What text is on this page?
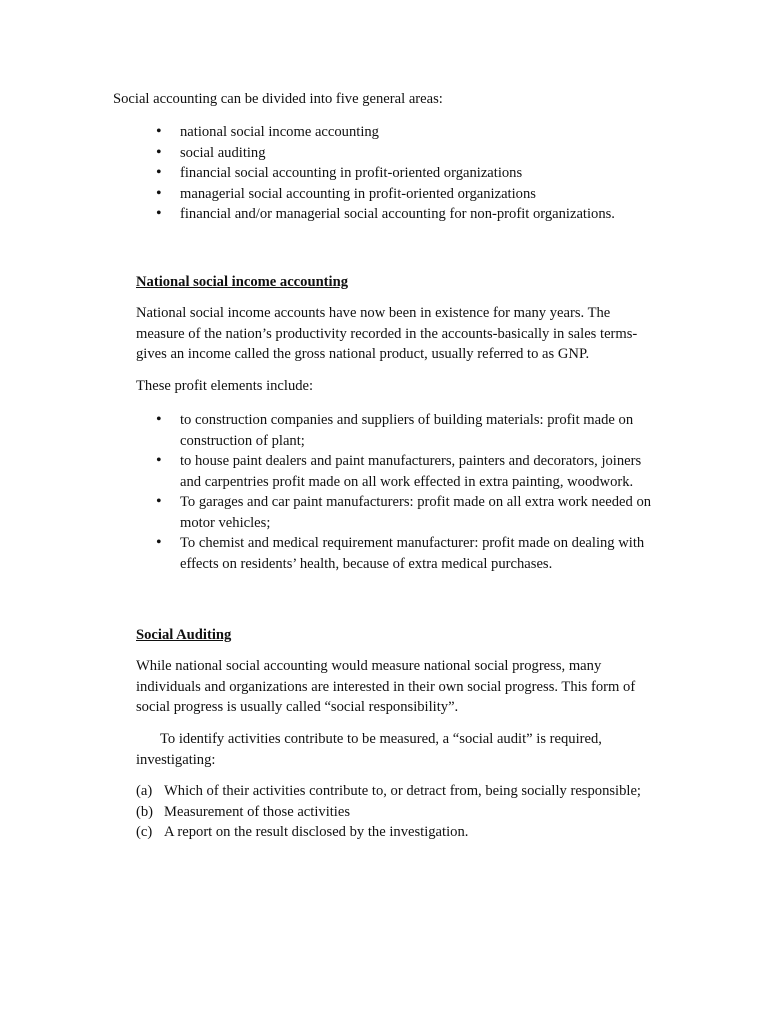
Social accounting can be divided into five general areas:

• national social income accounting
• social auditing
• financial social accounting in profit-oriented organizations
• managerial social accounting in profit-oriented organizations
• financial and/or managerial social accounting for non-profit organizations.

National social income accounting

National social income accounts have now been in existence for many years. The measure of the nation’s productivity recorded in the accounts-basically in sales terms- gives an income called the gross national product, usually referred to as GNP.

These profit elements include:

• to construction companies and suppliers of building materials: profit made on construction of plant;
• to house paint dealers and paint manufacturers, painters and decorators, joiners and carpentries profit made on all work effected in extra painting, woodwork.
• To garages and car paint manufacturers: profit made on all extra work needed on motor vehicles;
• To chemist and medical requirement manufacturer: profit made on dealing with effects on residents’ health, because of extra medical purchases.

Social Auditing

While national social accounting would measure national social progress, many individuals and organizations are interested in their own social progress. This form of social progress is usually called “social responsibility”.

To identify activities contribute to be measured, a “social audit” is required, investigating:

(a) Which of their activities contribute to, or detract from, being socially responsible;
(b) Measurement of those activities
(c) A report on the result disclosed by the investigation.
